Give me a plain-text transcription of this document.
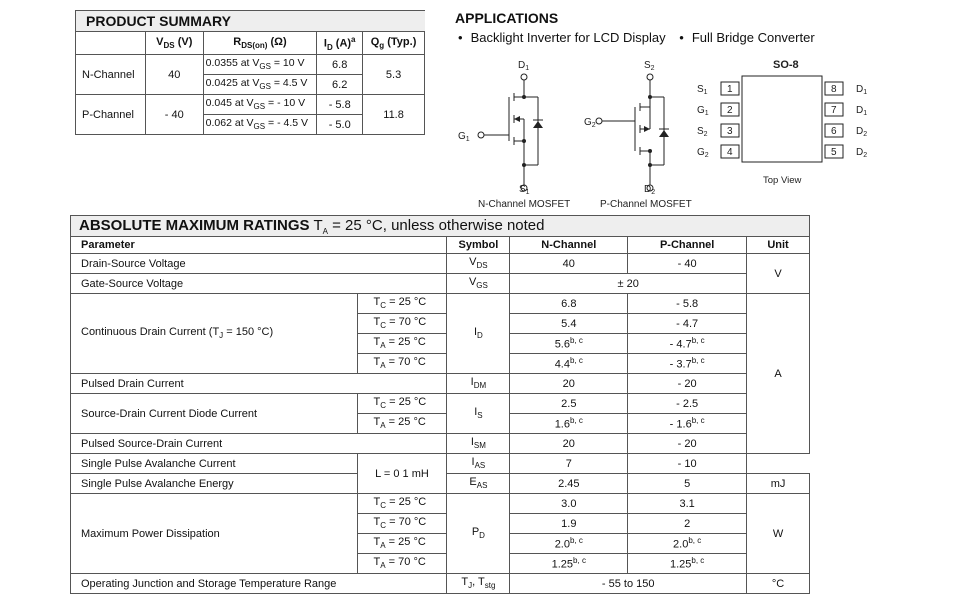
PRODUCT SUMMARY				
	$V_{DS}$ (V)	$R_{DS(on)}$ (Ω)	$I_D$ $(A)^a$	$Q_g$ (Typ.)
N-Channel	40	0.0355 at $V_{GS} = 10$ V	6.8	5.3
		0.0425 at $V_{GS} = 4.5$ V	6.2	
P-Channel	- 40	0.045 at $V_{GS}$ = - 10 V	- 5.8	11.8
		0.062 at $V_{GS}$ = - 4.5 V	- 5.0	
APPLICATIONS
• Backlight Inverter for LCD Display • Full Bridge Converter
$D_1$
$G_1$
$S_1$
N-Channel MOSFET
$S_2$
$G_2$
$D_2$
P-Channel MOSFET
SO-8
Top View
1
$S_1$
2
$G_1$
3
$S_2$
4
$G_2$
8 $D_1$
7 $D_1$
6 $D_2$
5 $D_2$
ABSOLUTE MAXIMUM RATINGS $T_A = 25$ °C, unless otherwise noted					
Parameter		Symbol	N-Channel	P-Channel	Unit
Drain-Source Voltage		$V_{DS}$	40	- 40	V
Gate-Source Voltage		$V_{GS}$	± 20		
Continuous Drain Current ($T_J = 150$ °C)	$T_C = 25$ °C	$I_D$	6.8	- 5.8	A
	$T_C = 70$ °C		5.4	- 4.7	
	$T_A = 25$ °C		5.6$^{b, c}$	- 4.7$^{b, c}$
	$T_A = 70$ °C		4.4$^{b, c}$	- 3.7$^{b, c}$
Pulsed Drain Current		$I_{DM}$	20	- 20	
Source-Drain Current Diode Current	$T_C = 25$ °C	$I_S$	2.5	- 2.5	
	$T_A = 25$ °C		1.6$^{b, c}$	- 1.6$^{b, c}$
Pulsed Source-Drain Current		$I_{SM}$	20	- 20	
Single Pulse Avalanche Current	L = 0 1 mH	$I_{AS}$	7	- 10	
Single Pulse Avalanche Energy		$E_{AS}$	2.45	5	mJ
Maximum Power Dissipation	$T_C = 25$ °C	$P_D$	3.0	3.1	W
	$T_C = 70$ °C		1.9	2	
	$T_A = 25$ °C		2.0$^{b, c}$	2.0$^{b, c}$
	$T_A = 70$ °C		1.25$^{b, c}$	1.25$^{b, c}$
Operating Junction and Storage Temperature Range		$T_J$, $T_{stg}$	- 55 to 150		°C
